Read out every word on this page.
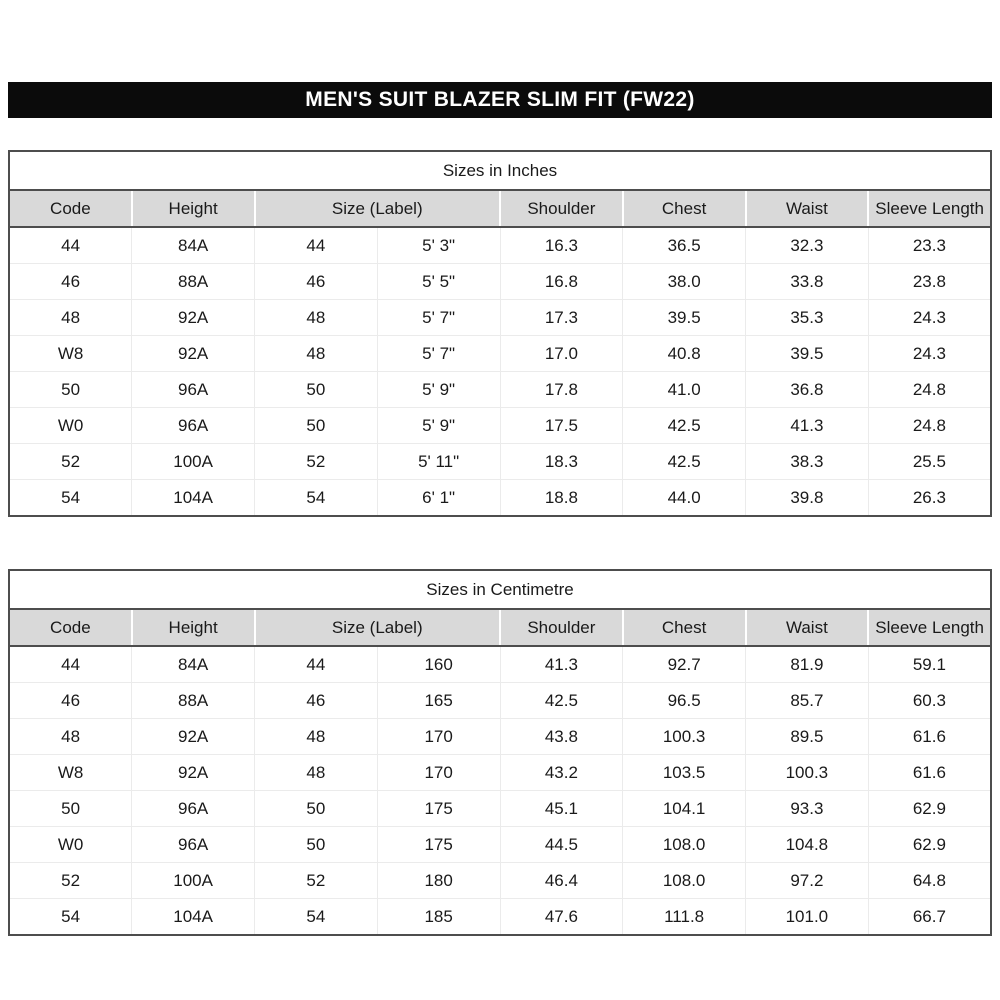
MEN'S SUIT BLAZER SLIM FIT (FW22)
Sizes in Inches							
Code	Height	Size (Label)		Shoulder	Chest	Waist	Sleeve Length
44	84A	44	5' 3"	16.3	36.5	32.3	23.3
46	88A	46	5' 5"	16.8	38.0	33.8	23.8
48	92A	48	5' 7"	17.3	39.5	35.3	24.3
W8	92A	48	5' 7"	17.0	40.8	39.5	24.3
50	96A	50	5' 9"	17.8	41.0	36.8	24.8
W0	96A	50	5' 9"	17.5	42.5	41.3	24.8
52	100A	52	5' 11"	18.3	42.5	38.3	25.5
54	104A	54	6' 1"	18.8	44.0	39.8	26.3
Sizes in Centimetre							
Code	Height	Size (Label)		Shoulder	Chest	Waist	Sleeve Length
44	84A	44	160	41.3	92.7	81.9	59.1
46	88A	46	165	42.5	96.5	85.7	60.3
48	92A	48	170	43.8	100.3	89.5	61.6
W8	92A	48	170	43.2	103.5	100.3	61.6
50	96A	50	175	45.1	104.1	93.3	62.9
W0	96A	50	175	44.5	108.0	104.8	62.9
52	100A	52	180	46.4	108.0	97.2	64.8
54	104A	54	185	47.6	111.8	101.0	66.7
